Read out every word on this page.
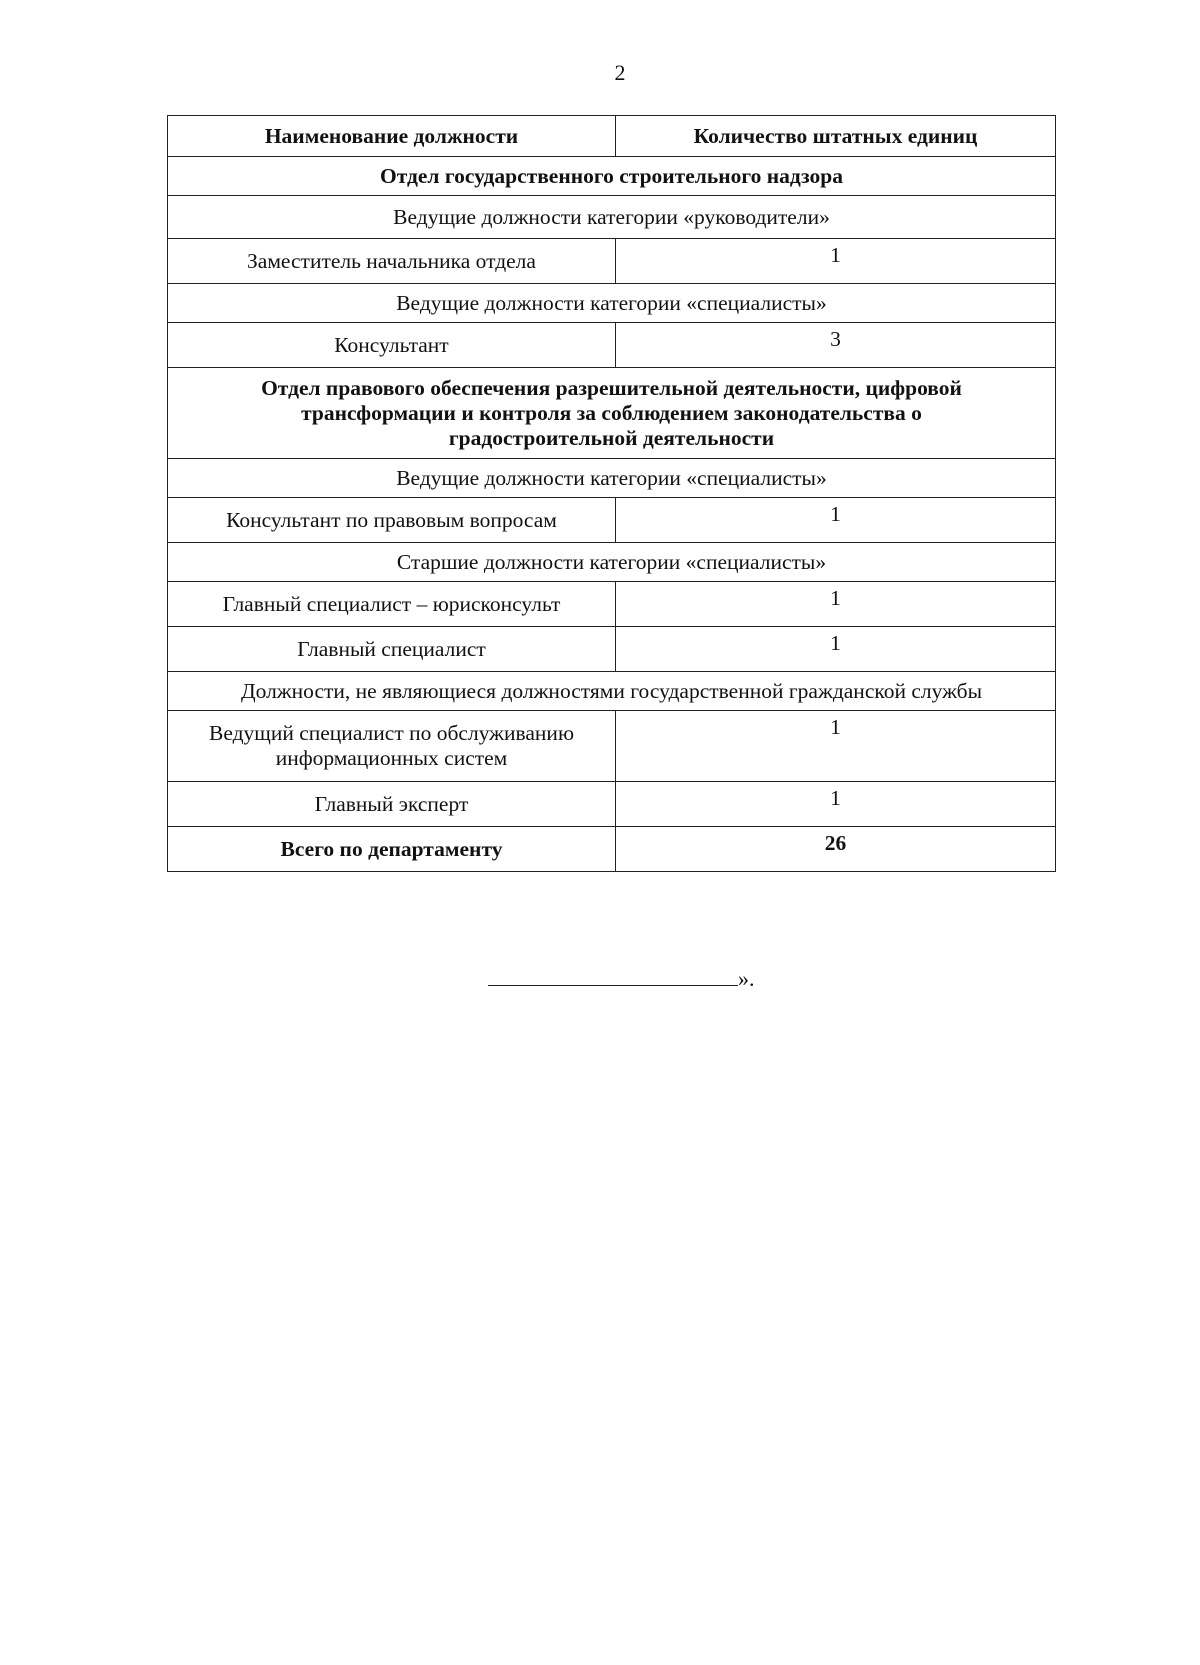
2
Наименование должности	Количество штатных единиц
Отдел государственного строительного надзора	
Ведущие должности категории «руководители»	
Заместитель начальника отдела	1
Ведущие должности категории «специалисты»	
Консультант	3

Отдел правового обеспечения разрешительной деятельности, цифровой
трансформации и контроля за соблюдением законодательства о
градостроительной деятельности	

Ведущие должности категории «специалисты»	
Консультант по правовым вопросам	1
Старшие должности категории «специалисты»	
Главный специалист – юрисконсульт	1
Главный специалист	1
Должности, не являющиеся должностями государственной гражданской службы	

Ведущий специалист по обслуживанию
информационных систем	1
Главный эксперт	1
Всего по департаменту	26
».
